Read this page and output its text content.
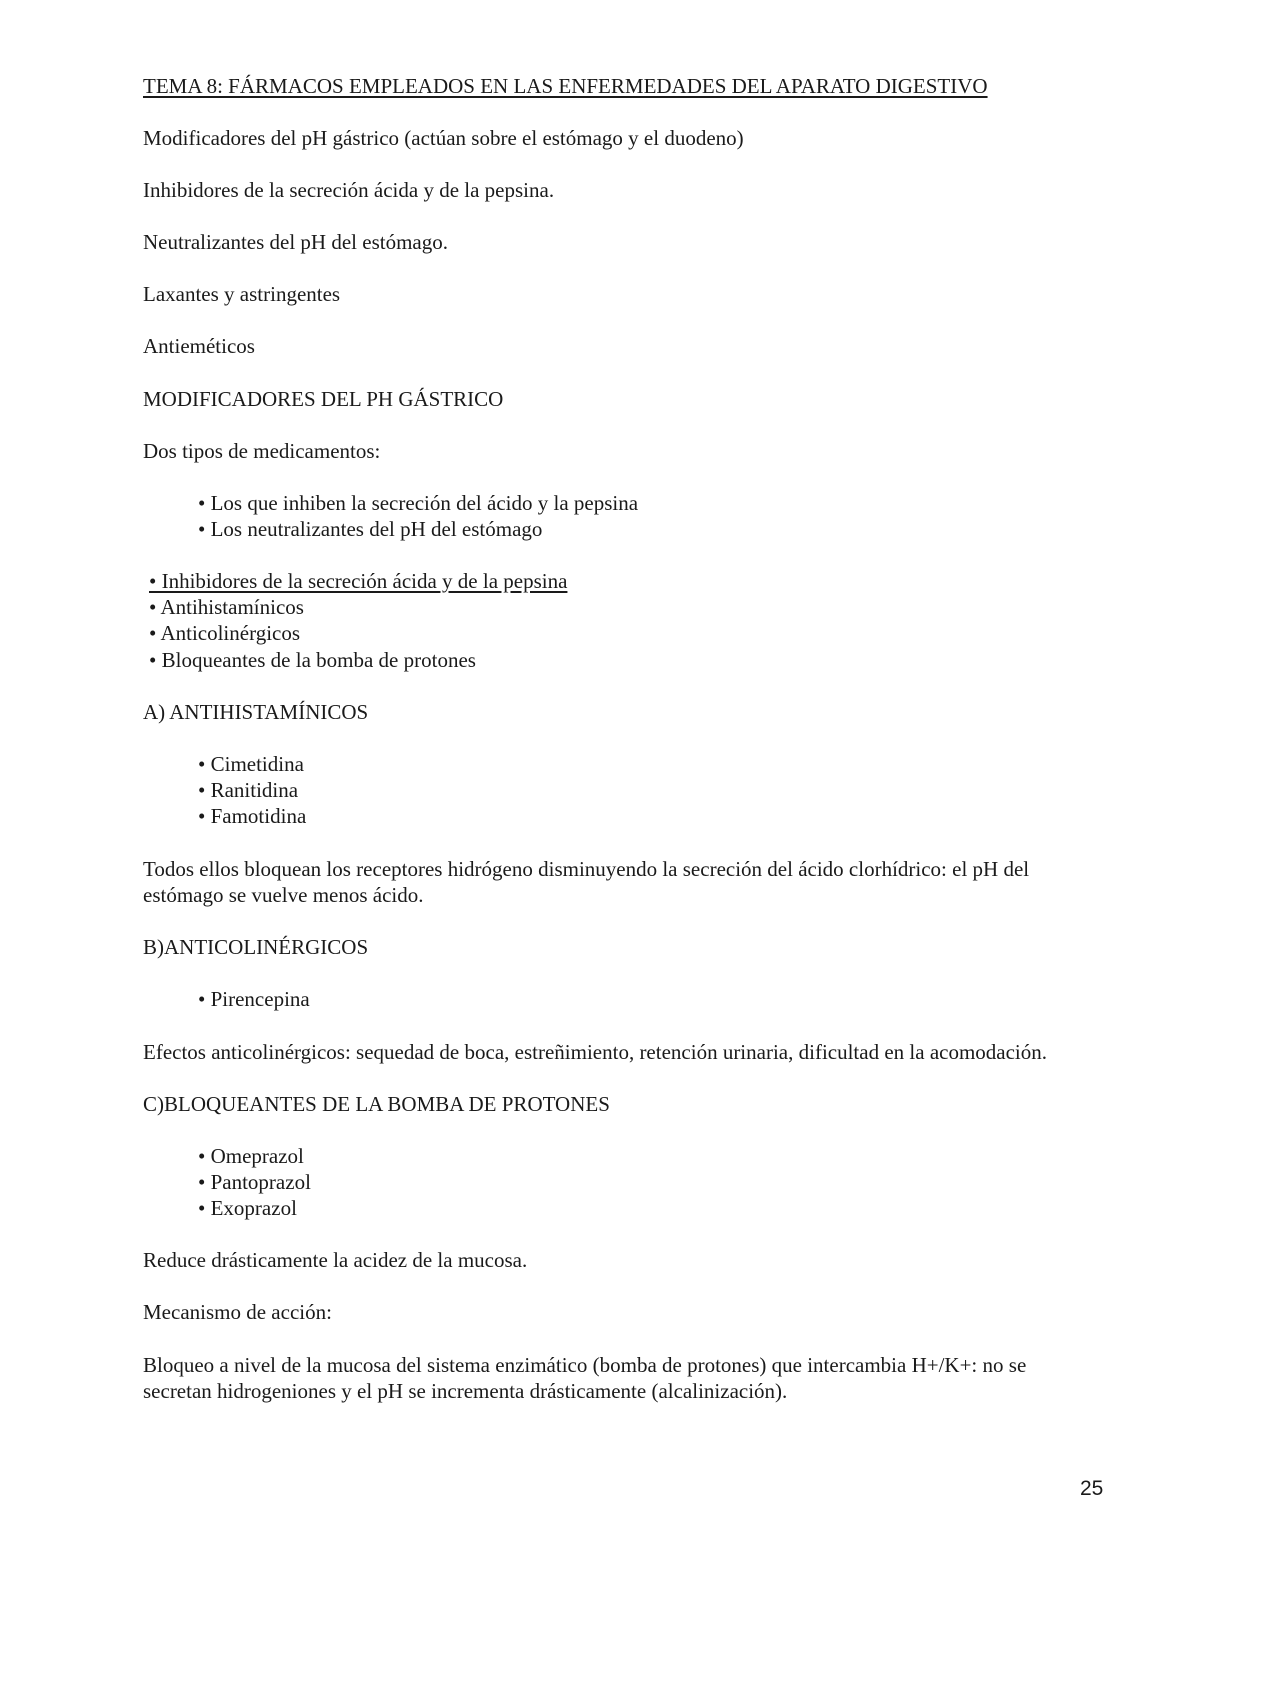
TEMA 8: FÁRMACOS EMPLEADOS EN LAS ENFERMEDADES DEL APARATO DIGESTIVO
Modificadores del pH gástrico (actúan sobre el estómago y el duodeno)
Inhibidores de la secreción ácida y de la pepsina.
Neutralizantes del pH del estómago.
Laxantes y astringentes
Antieméticos
MODIFICADORES DEL PH GÁSTRICO
Dos tipos de medicamentos:
• Los que inhiben la secreción del ácido y la pepsina
• Los neutralizantes del pH del estómago
• Inhibidores de la secreción ácida y de la pepsina
• Antihistamínicos
• Anticolinérgicos
• Bloqueantes de la bomba de protones
A) ANTIHISTAMÍNICOS
• Cimetidina
• Ranitidina
• Famotidina
Todos ellos bloquean los receptores hidrógeno disminuyendo la secreción del ácido clorhídrico: el pH del
estómago se vuelve menos ácido.
B)ANTICOLINÉRGICOS
• Pirencepina
Efectos anticolinérgicos: sequedad de boca, estreñimiento, retención urinaria, dificultad en la acomodación.
C)BLOQUEANTES DE LA BOMBA DE PROTONES
• Omeprazol
• Pantoprazol
• Exoprazol
Reduce drásticamente la acidez de la mucosa.
Mecanismo de acción:
Bloqueo a nivel de la mucosa del sistema enzimático (bomba de protones) que intercambia H+/K+: no se
secretan hidrogeniones y el pH se incrementa drásticamente (alcalinización).
25
